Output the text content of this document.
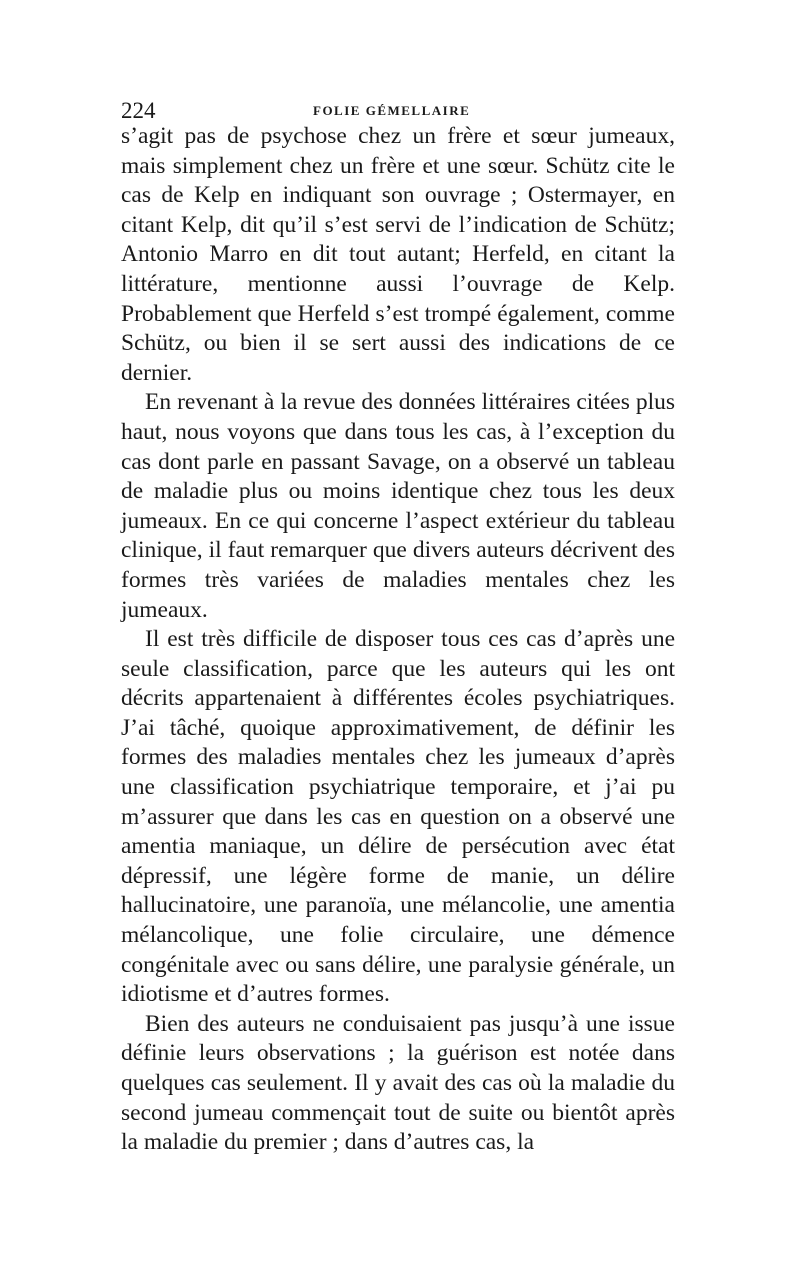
224	FOLIE GÉMELLAIRE

s’agit pas de psychose chez un frère et sœur jumeaux, mais simplement chez un frère et une sœur. Schütz cite le cas de Kelp en indiquant son ouvrage ; Ostermayer, en citant Kelp, dit qu’il s’est servi de l’indication de Schütz; Antonio Marro en dit tout autant; Herfeld, en citant la littérature, mentionne aussi l’ouvrage de Kelp. Probablement que Herfeld s’est trompé également, comme Schütz, ou bien il se sert aussi des indications de ce dernier.

En revenant à la revue des données littéraires citées plus haut, nous voyons que dans tous les cas, à l’exception du cas dont parle en passant Savage, on a observé un tableau de maladie plus ou moins identique chez tous les deux jumeaux. En ce qui concerne l’aspect extérieur du tableau clinique, il faut remarquer que divers auteurs décrivent des formes très variées de maladies mentales chez les jumeaux.

Il est très difficile de disposer tous ces cas d’après une seule classification, parce que les auteurs qui les ont décrits appartenaient à différentes écoles psychiatriques. J’ai tâché, quoique approximativement, de définir les formes des maladies mentales chez les jumeaux d’après une classification psychiatrique temporaire, et j’ai pu m’assurer que dans les cas en question on a observé une amentia maniaque, un délire de persécution avec état dépressif, une légère forme de manie, un délire hallucinatoire, une paranoïa, une mélancolie, une amentia mélancolique, une folie circulaire, une démence congénitale avec ou sans délire, une paralysie générale, un idiotisme et d’autres formes.

Bien des auteurs ne conduisaient pas jusqu’à une issue définie leurs observations ; la guérison est notée dans quelques cas seulement. Il y avait des cas où la maladie du second jumeau commençait tout de suite ou bientôt après la maladie du premier ; dans d’autres cas, la
